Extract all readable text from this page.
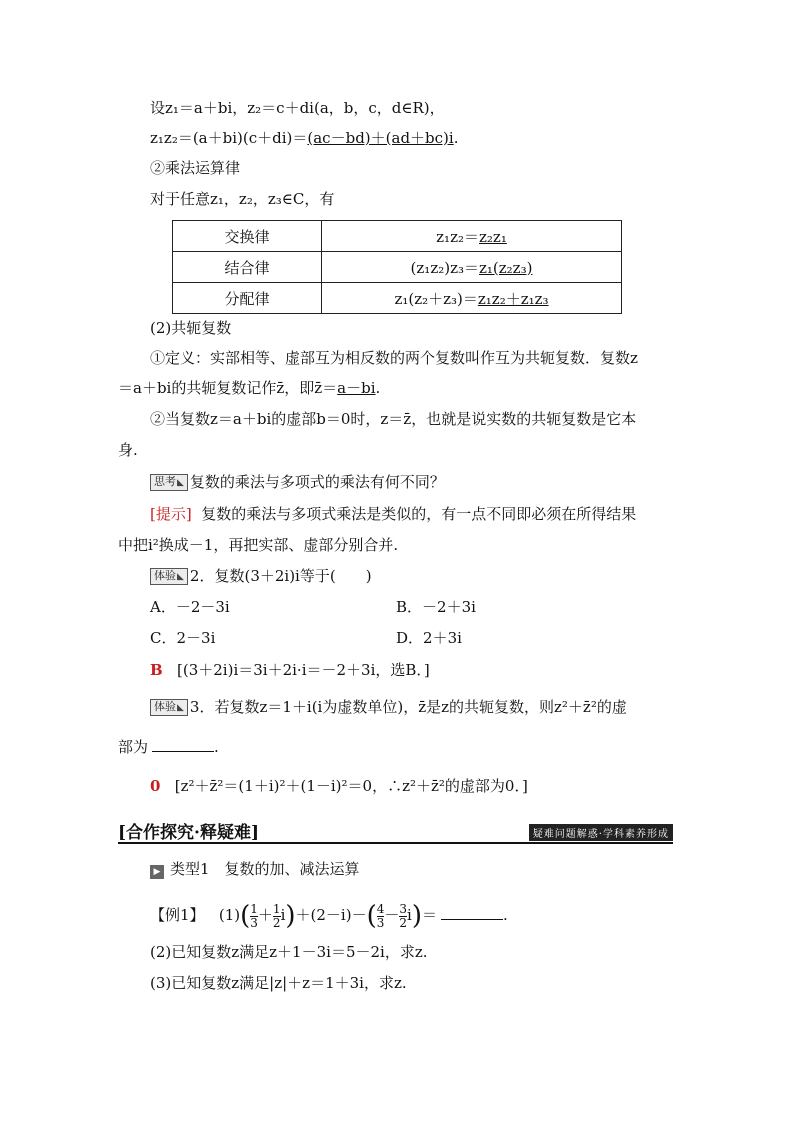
设z₁＝a＋bi，z₂＝c＋di(a，b，c，d∈R)，
z₁z₂＝(a＋bi)(c＋di)＝(ac－bd)＋(ad＋bc)i.
②乘法运算律
对于任意z₁，z₂，z₃∈C，有
交换律	z₁z₂＝z₂z₁
结合律	(z₁z₂)z₃＝z₁(z₂z₃)
分配律	z₁(z₂＋z₃)＝z₁z₂＋z₁z₃
(2)共轭复数
①定义：实部相等、虚部互为相反数的两个复数叫作互为共轭复数．复数z
＝a＋bi的共轭复数记作z̄，即z̄＝a－bi.
②当复数z＝a＋bi的虚部b＝0时，z＝z̄，也就是说实数的共轭复数是它本
身.
思考 ◣ 复数的乘法与多项式的乘法有何不同？
[提示] 复数的乘法与多项式乘法是类似的，有一点不同即必须在所得结果
中把i²换成－1，再把实部、虚部分别合并.
体验 ◣ 2．复数(3＋2i)i等于(　　)
A．－2－3i	B．－2＋3i
C．2－3i	D．2＋3i
B [(3＋2i)i＝3i＋2i·i＝－2＋3i，选B．]
体验 ◣ 3．若复数z＝1＋i(i为虚数单位)，z̄是z的共轭复数，则z²＋z̄²的虚
部为	.
0 [z²＋z̄²＝(1＋i)²＋(1－i)²＝0，∴z²＋z̄²的虚部为0．]
[合作探究·释疑难]	疑难问题解惑·学科素养形成
▶ 类型1　复数的加、减法运算
【例1】 $(1)( \frac{1}{3} + \frac{1}{2} i)+(2-i)-( \frac{4}{3} - \frac{3}{2} i)=$	.
(2)已知复数z满足z＋1－3i＝5－2i，求z.
(3)已知复数z满足|z|＋z＝1＋3i，求z.
